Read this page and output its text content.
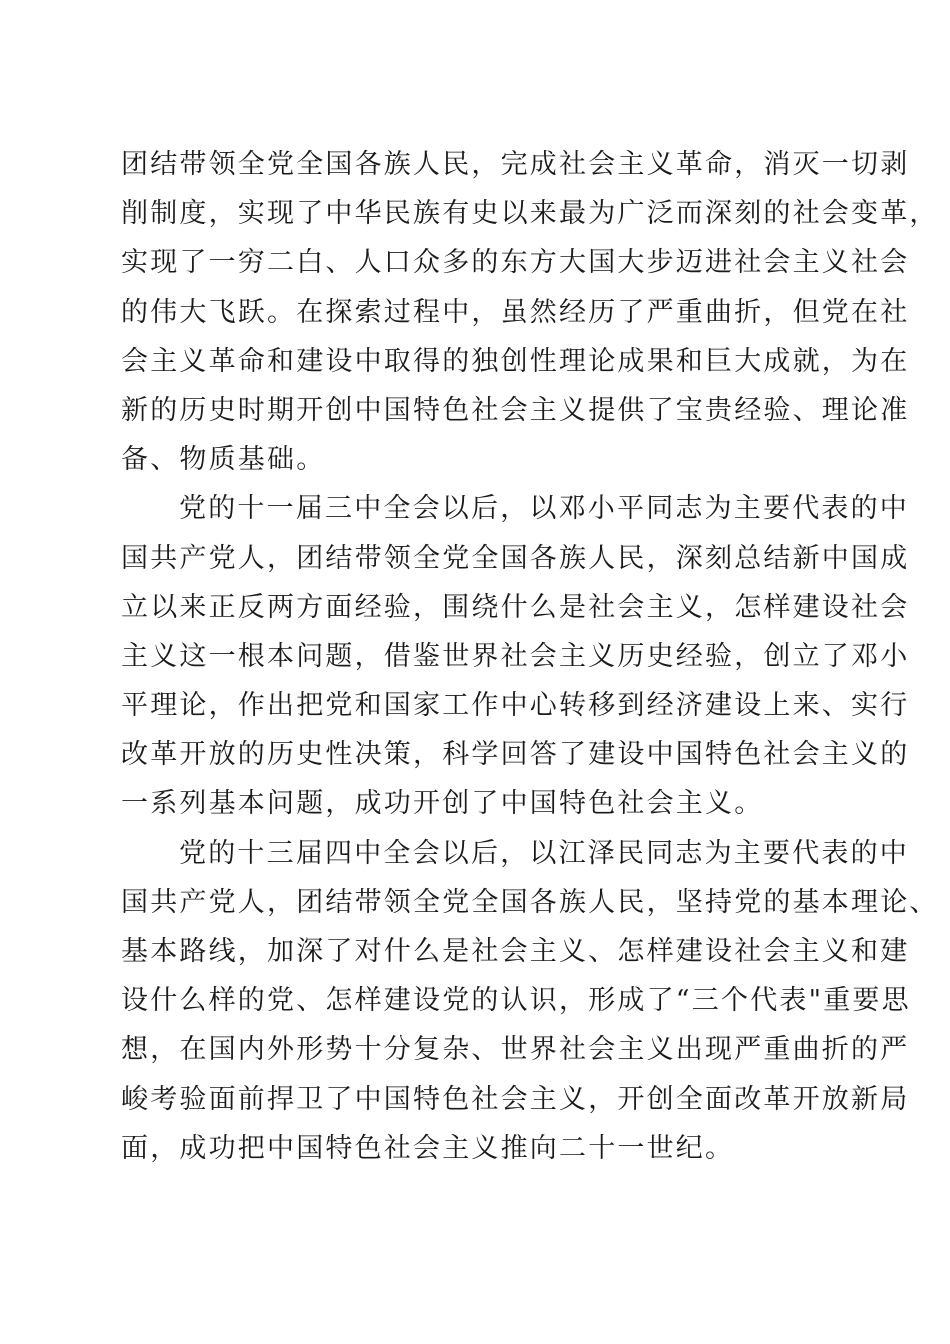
团结带领全党全国各族人民，完成社会主义革命，消灭一切剥
削制度，实现了中华民族有史以来最为广泛而深刻的社会变革，
实现了一穷二白、人口众多的东方大国大步迈进社会主义社会
的伟大飞跃。在探索过程中，虽然经历了严重曲折，但党在社
会主义革命和建设中取得的独创性理论成果和巨大成就，为在
新的历史时期开创中国特色社会主义提供了宝贵经验、理论准
备、物质基础。
党的十一届三中全会以后，以邓小平同志为主要代表的中
国共产党人，团结带领全党全国各族人民，深刻总结新中国成
立以来正反两方面经验，围绕什么是社会主义，怎样建设社会
主义这一根本问题，借鉴世界社会主义历史经验，创立了邓小
平理论，作出把党和国家工作中心转移到经济建设上来、实行
改革开放的历史性决策，科学回答了建设中国特色社会主义的
一系列基本问题，成功开创了中国特色社会主义。
党的十三届四中全会以后，以江泽民同志为主要代表的中
国共产党人，团结带领全党全国各族人民，坚持党的基本理论、
基本路线，加深了对什么是社会主义、怎样建设社会主义和建
设什么样的党、怎样建设党的认识，形成了“三个代表"重要思
想，在国内外形势十分复杂、世界社会主义出现严重曲折的严
峻考验面前捍卫了中国特色社会主义，开创全面改革开放新局
面，成功把中国特色社会主义推向二十一世纪。
